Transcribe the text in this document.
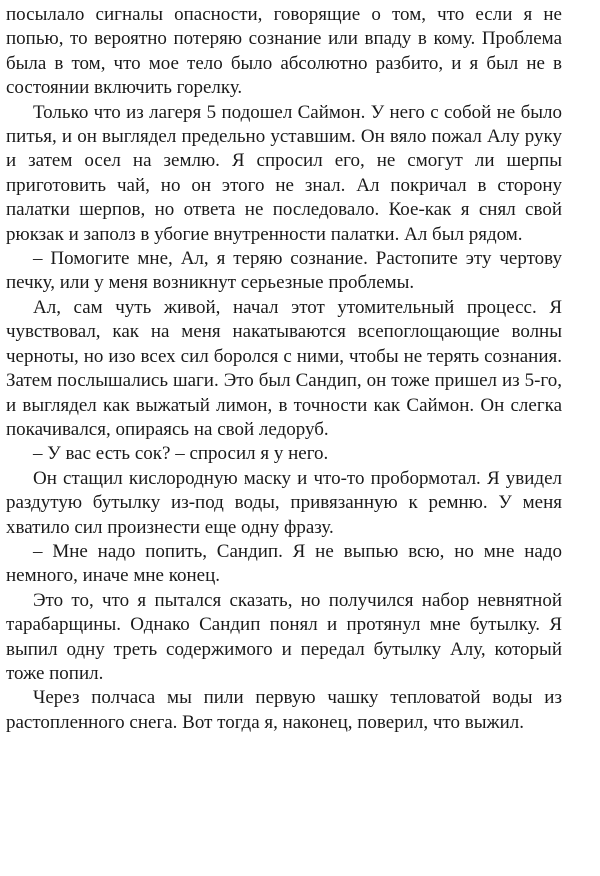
посылало сигналы опасности, говорящие о том, что если я не попью, то вероятно потеряю сознание или впаду в кому. Проблема была в том, что мое тело было абсолютно разбито, и я был не в состоянии включить горелку.

Только что из лагеря 5 подошел Саймон. У него с собой не было питья, и он выглядел предельно уставшим. Он вяло пожал Алу руку и затем осел на землю. Я спросил его, не смогут ли шерпы приготовить чай, но он этого не знал. Ал покричал в сторону палатки шерпов, но ответа не последовало. Кое-как я снял свой рюкзак и заполз в убогие внутренности палатки. Ал был рядом.

– Помогите мне, Ал, я теряю сознание. Растопите эту чертову печку, или у меня возникнут серьезные проблемы.

Ал, сам чуть живой, начал этот утомительный процесс. Я чувствовал, как на меня накатываются всепоглощающие волны черноты, но изо всех сил боролся с ними, чтобы не терять сознания. Затем послышались шаги. Это был Сандип, он тоже пришел из 5-го, и выглядел как выжатый лимон, в точности как Саймон. Он слегка покачивался, опираясь на свой ледоруб.

– У вас есть сок? – спросил я у него.

Он стащил кислородную маску и что-то пробормотал. Я увидел раздутую бутылку из-под воды, привязанную к ремню. У меня хватило сил произнести еще одну фразу.

– Мне надо попить, Сандип. Я не выпью всю, но мне надо немного, иначе мне конец.

Это то, что я пытался сказать, но получился набор невнятной тарабарщины. Однако Сандип понял и протянул мне бутылку. Я выпил одну треть содержимого и передал бутылку Алу, который тоже попил.

Через полчаса мы пили первую чашку тепловатой воды из растопленного снега. Вот тогда я, наконец, поверил, что выжил.
